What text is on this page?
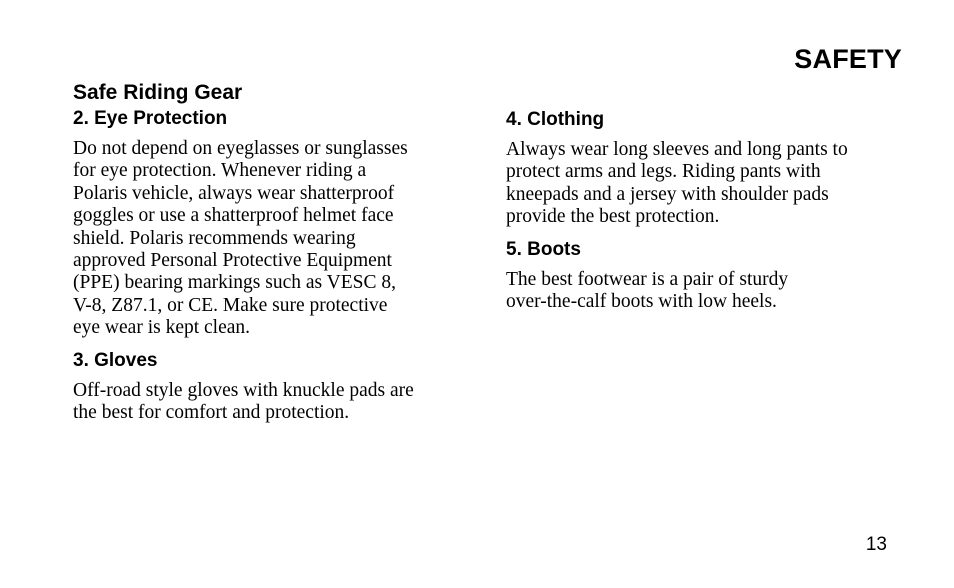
SAFETY
Safe Riding Gear
2. Eye Protection

Do not depend on eyeglasses or sunglasses
for eye protection. Whenever riding a
Polaris vehicle, always wear shatterproof
goggles or use a shatterproof helmet face
shield. Polaris recommends wearing
approved Personal Protective Equipment
(PPE) bearing markings such as VESC 8,
V-8, Z87.1, or CE. Make sure protective
eye wear is kept clean.

3. Gloves

Off-road style gloves with knuckle pads are
the best for comfort and protection.

4. Clothing

Always wear long sleeves and long pants to
protect arms and legs. Riding pants with
kneepads and a jersey with shoulder pads
provide the best protection.

5. Boots

The best footwear is a pair of sturdy
over-the-calf boots with low heels.

13
